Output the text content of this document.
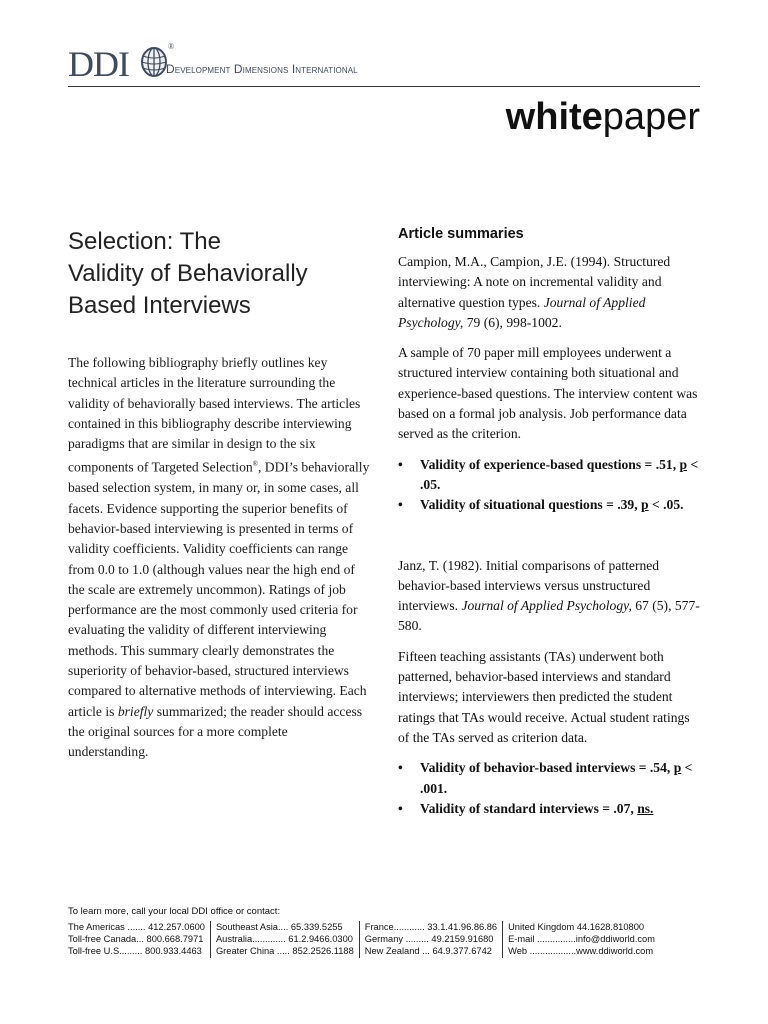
DDI	®
Development Dimensions International
whitepaper
Selection: The
Validity of Behaviorally
Based Interviews
The following bibliography briefly outlines key technical articles in the literature surrounding the validity of behaviorally based interviews. The articles contained in this bibliography describe interviewing paradigms that are similar in design to the six components of Targeted Selection®, DDI’s behaviorally based selection system, in many or, in some cases, all facets. Evidence supporting the superior benefits of behavior-based interviewing is presented in terms of validity coefficients. Validity coefficients can range from 0.0 to 1.0 (although values near the high end of the scale are extremely uncommon). Ratings of job performance are the most commonly used criteria for evaluating the validity of different interviewing methods. This summary clearly demonstrates the superiority of behavior-based, structured interviews compared to alternative methods of interviewing. Each article is briefly summarized; the reader should access the original sources for a more complete understanding.
Article summaries
Campion, M.A., Campion, J.E. (1994). Structured interviewing: A note on incremental validity and alternative question types. Journal of Applied Psychology, 79 (6), 998-1002.
A sample of 70 paper mill employees underwent a structured interview containing both situational and experience-based questions. The interview content was based on a formal job analysis. Job performance data served as the criterion.
• Validity of experience-based questions = .51, p < .05.
• Validity of situational questions = .39, p < .05.
Janz, T. (1982). Initial comparisons of patterned behavior-based interviews versus unstructured interviews. Journal of Applied Psychology, 67 (5), 577-580.
Fifteen teaching assistants (TAs) underwent both patterned, behavior-based interviews and standard interviews; interviewers then predicted the student ratings that TAs would receive. Actual student ratings of the TAs served as criterion data.
• Validity of behavior-based interviews = .54, p < .001.
• Validity of standard interviews = .07, ns.
To learn more, call your local DDI office or contact:
The Americas ....... 412.257.0600
Toll-free Canada... 800.668.7971
Toll-free U.S......... 800.933.4463
Southeast Asia.... 65.339.5255
Australia............. 61.2.9466.0300
Greater China ..... 852.2526.1188
France............ 33.1.41.96.86.86
Germany ......... 49.2159.91680
New Zealand ... 64.9.377.6742
United Kingdom 44.1628.810800
E-mail ...............info@ddiworld.com
Web ..................www.ddiworld.com
